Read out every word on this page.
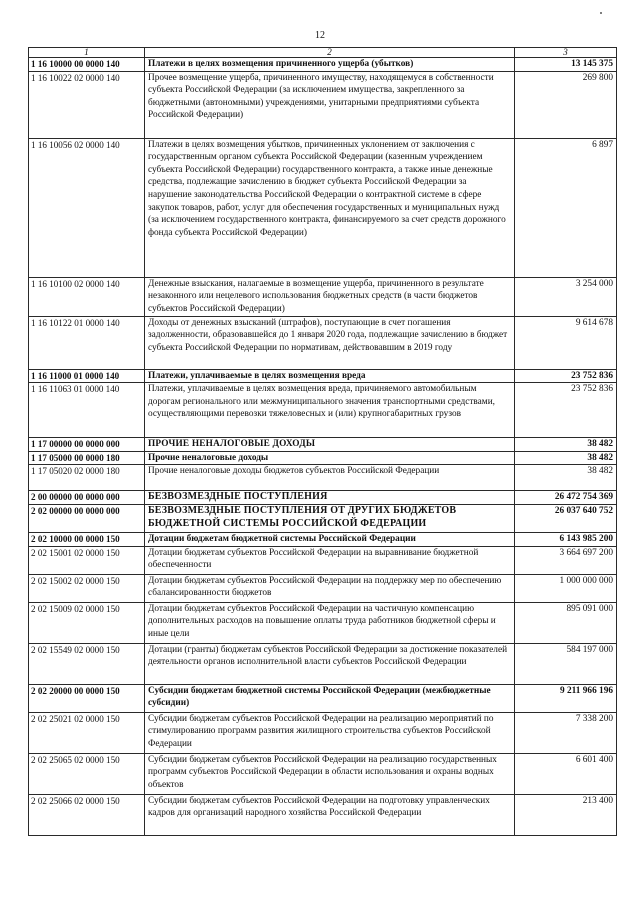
12
1	2	3
1 16 10000 00 0000 140	Платежи в целях возмещения причиненного ущерба (убытков)	13 145 375
1 16 10022 02 0000 140	Прочее возмещение ущерба, причиненного имуществу, находящемуся в собственности субъекта Российской Федерации (за исключением имущества, закрепленного за бюджетными (автономными) учреждениями, унитарными предприятиями субъекта Российской Федерации)	269 800
1 16 10056 02 0000 140	Платежи в целях возмещения убытков, причиненных уклонением от заключения с государственным органом субъекта Российской Федерации (казенным учреждением субъекта Российской Федерации) государственного контракта, а также иные денежные средства, подлежащие зачислению в бюджет субъекта Российской Федерации за нарушение законодательства Российской Федерации о контрактной системе в сфере закупок товаров, работ, услуг для обеспечения государственных и муниципальных нужд (за исключением государственного контракта, финансируемого за счет средств дорожного фонда субъекта Российской Федерации)	6 897
1 16 10100 02 0000 140	Денежные взыскания, налагаемые в возмещение ущерба, причиненного в результате незаконного или нецелевого использования бюджетных средств (в части бюджетов субъектов Российской Федерации)	3 254 000
1 16 10122 01 0000 140	Доходы от денежных взысканий (штрафов), поступающие в счет погашения задолженности, образовавшейся до 1 января 2020 года, подлежащие зачислению в бюджет субъекта Российской Федерации по нормативам, действовавшим в 2019 году	9 614 678
1 16 11000 01 0000 140	Платежи, уплачиваемые в целях возмещения вреда	23 752 836
1 16 11063 01 0000 140	Платежи, уплачиваемые в целях возмещения вреда, причиняемого автомобильным дорогам регионального или межмуниципального значения транспортными средствами, осуществляющими перевозки тяжеловесных и (или) крупногабаритных грузов	23 752 836
1 17 00000 00 0000 000	ПРОЧИЕ НЕНАЛОГОВЫЕ ДОХОДЫ	38 482
1 17 05000 00 0000 180	Прочие неналоговые доходы	38 482
1 17 05020 02 0000 180	Прочие неналоговые доходы бюджетов субъектов Российской Федерации	38 482
2 00 00000 00 0000 000	БЕЗВОЗМЕЗДНЫЕ ПОСТУПЛЕНИЯ	26 472 754 369
2 02 00000 00 0000 000	БЕЗВОЗМЕЗДНЫЕ ПОСТУПЛЕНИЯ ОТ ДРУГИХ БЮДЖЕТОВ БЮДЖЕТНОЙ СИСТЕМЫ РОССИЙСКОЙ ФЕДЕРАЦИИ	26 037 640 752
2 02 10000 00 0000 150	Дотации бюджетам бюджетной системы Российской Федерации	6 143 985 200
2 02 15001 02 0000 150	Дотации бюджетам субъектов Российской Федерации на выравнивание бюджетной обеспеченности	3 664 697 200
2 02 15002 02 0000 150	Дотации бюджетам субъектов Российской Федерации на поддержку мер по обеспечению сбалансированности бюджетов	1 000 000 000
2 02 15009 02 0000 150	Дотации бюджетам субъектов Российской Федерации на частичную компенсацию дополнительных расходов на повышение оплаты труда работников бюджетной сферы и иные цели	895 091 000
2 02 15549 02 0000 150	Дотации (гранты) бюджетам субъектов Российской Федерации за достижение показателей деятельности органов исполнительной власти субъектов Российской Федерации	584 197 000
2 02 20000 00 0000 150	Субсидии бюджетам бюджетной системы Российской Федерации (межбюджетные субсидии)	9 211 966 196
2 02 25021 02 0000 150	Субсидии бюджетам субъектов Российской Федерации на реализацию мероприятий по стимулированию программ развития жилищного строительства субъектов Российской Федерации	7 338 200
2 02 25065 02 0000 150	Субсидии бюджетам субъектов Российской Федерации на реализацию государственных программ субъектов Российской Федерации в области использования и охраны водных объектов	6 601 400
2 02 25066 02 0000 150	Субсидии бюджетам субъектов Российской Федерации на подготовку управленческих кадров для организаций народного хозяйства Российской Федерации	213 400
